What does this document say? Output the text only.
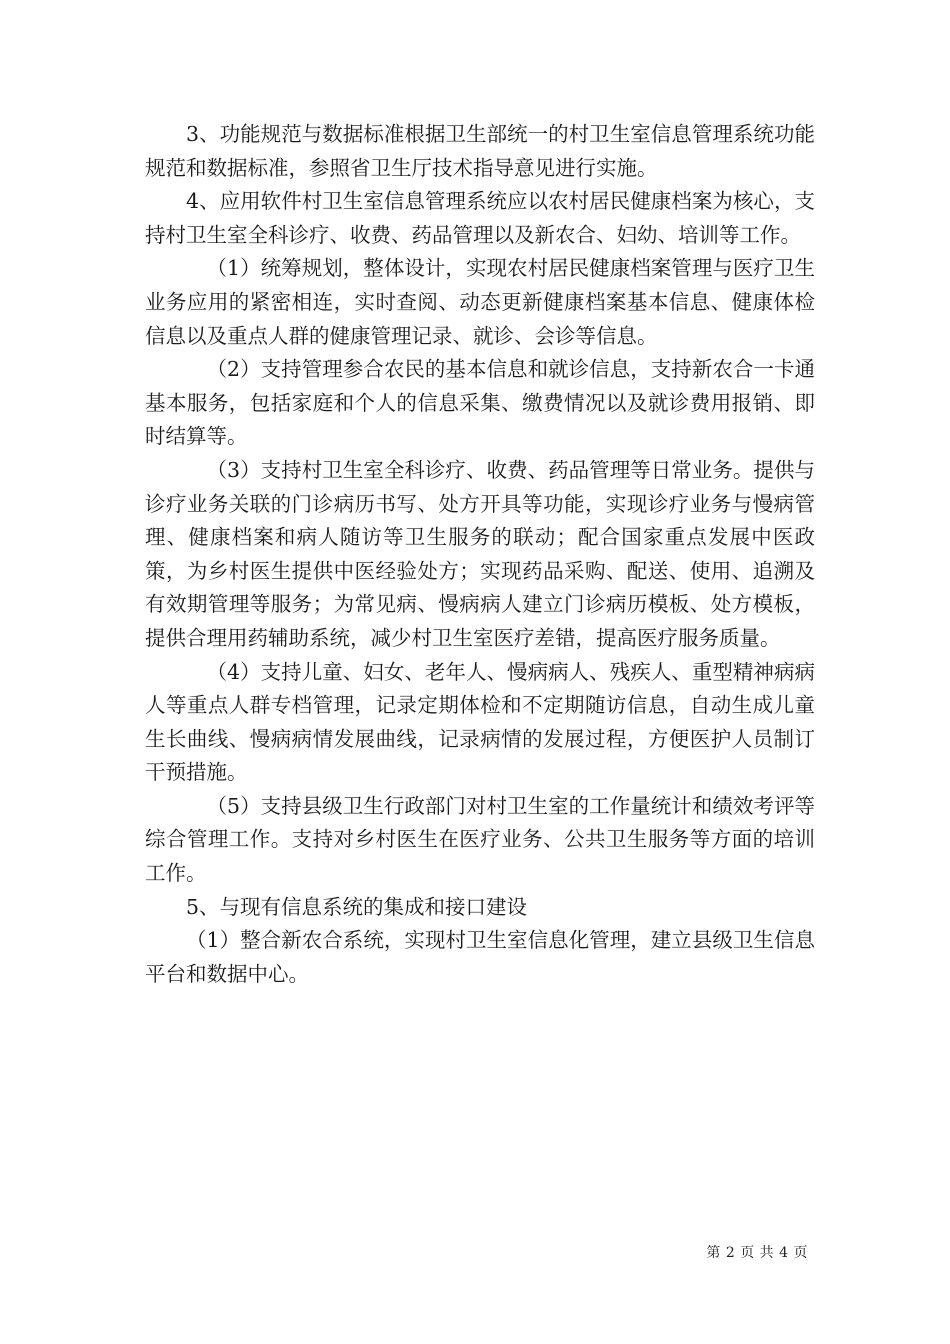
3、功能规范与数据标准根据卫生部统一的村卫生室信息管理系统功能规范和数据标准，参照省卫生厅技术指导意见进行实施。

4、应用软件村卫生室信息管理系统应以农村居民健康档案为核心，支持村卫生室全科诊疗、收费、药品管理以及新农合、妇幼、培训等工作。

（1）统筹规划，整体设计，实现农村居民健康档案管理与医疗卫生业务应用的紧密相连，实时查阅、动态更新健康档案基本信息、健康体检信息以及重点人群的健康管理记录、就诊、会诊等信息。

（2）支持管理参合农民的基本信息和就诊信息，支持新农合一卡通基本服务，包括家庭和个人的信息采集、缴费情况以及就诊费用报销、即时结算等。

（3）支持村卫生室全科诊疗、收费、药品管理等日常业务。提供与诊疗业务关联的门诊病历书写、处方开具等功能，实现诊疗业务与慢病管理、健康档案和病人随访等卫生服务的联动；配合国家重点发展中医政策，为乡村医生提供中医经验处方；实现药品采购、配送、使用、追溯及有效期管理等服务；为常见病、慢病病人建立门诊病历模板、处方模板，提供合理用药辅助系统，减少村卫生室医疗差错，提高医疗服务质量。

（4）支持儿童、妇女、老年人、慢病病人、残疾人、重型精神病病人等重点人群专档管理，记录定期体检和不定期随访信息，自动生成儿童生长曲线、慢病病情发展曲线，记录病情的发展过程，方便医护人员制订干预措施。

（5）支持县级卫生行政部门对村卫生室的工作量统计和绩效考评等综合管理工作。支持对乡村医生在医疗业务、公共卫生服务等方面的培训工作。

5、与现有信息系统的集成和接口建设

（1）整合新农合系统，实现村卫生室信息化管理，建立县级卫生信息平台和数据中心。

第 2 页 共 4 页
